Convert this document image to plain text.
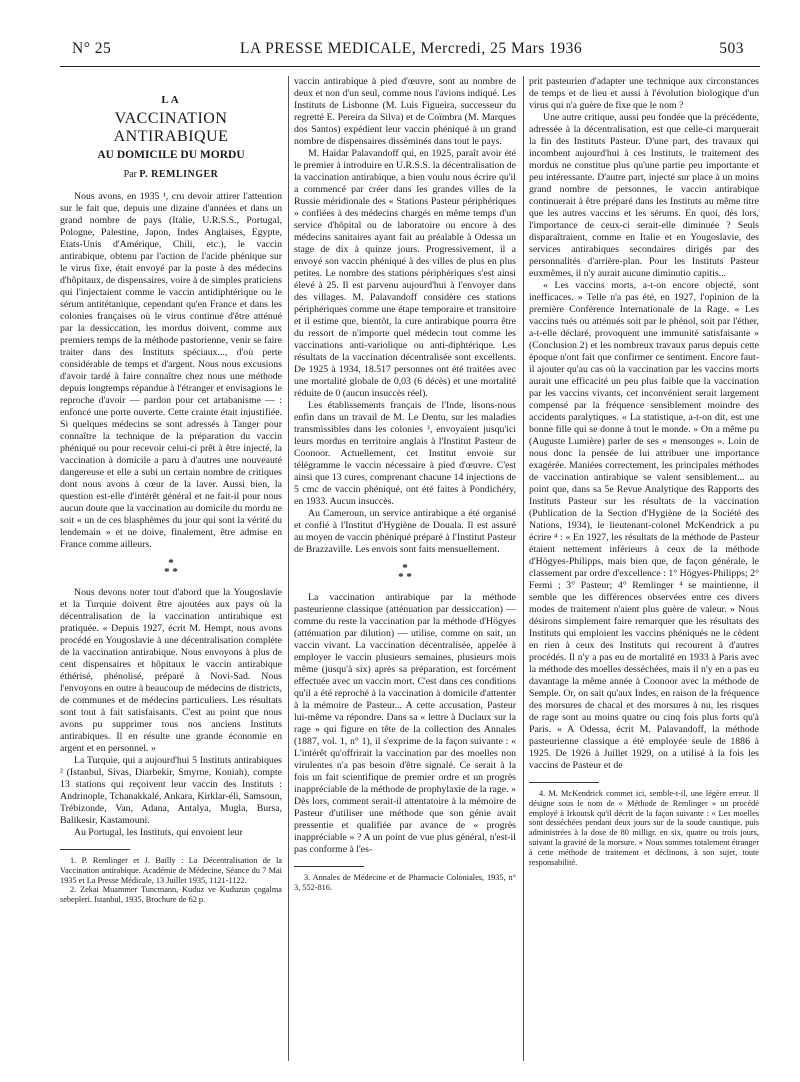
N° 25	LA PRESSE MEDICALE, Mercredi, 25 Mars 1936	503
LA
VACCINATION ANTIRABIQUE
AU DOMICILE DU MORDU
Par P. REMLINGER

Nous avons, en 1935 ¹, cru devoir attirer l'attention sur le fait que, depuis une dizaine d'années et dans un grand nombre de pays (Italie, U.R.S.S., Portugal, Pologne, Palestine, Japon, Indes Anglaises, Egypte, Etats-Unis d'Amérique, Chili, etc.), le vaccin antirabique, obtenu par l'action de l'acide phénique sur le virus fixe, était envoyé par la poste à des médecins d'hôpitaux, de dispensaires, voire à de simples praticiens qui l'injectaient comme le vaccin antidiphtérique ou le sérum antitétanique, cependant qu'en France et dans les colonies françaises où le virus continue d'être atténué par la dessiccation, les mordus doivent, comme aux premiers temps de la méthode pastorienne, venir se faire traiter dans des Instituts spéciaux..., d'où perte considérable de temps et d'argent. Nous nous excusions d'avoir tardé à faire connaître chez nous une méthode depuis longtemps répandue à l'étranger et envisagions le reproche d'avoir — pardon pour cet artabanisme — : enfoncé une porte ouverte. Cette crainte était injustifiée. Si quelques médecins se sont adressés à Tanger pour connaître la technique de la préparation du vaccin phéniqué ou pour recevoir celui-ci prêt à être injecté, la vaccination à domicile a paru à d'autres une nouveauté dangereuse et elle a subi un certain nombre de critiques dont nous avons à cœur de la laver. Aussi bien, la question est-elle d'intérêt général et ne fait-il pour nous aucun doute que la vaccination au domicile du mordu ne soit « un de ces blasphèmes du jour qui sont la vérité du lendemain » et ne doive, finalement, être admise en France comme ailleurs.

*
* *

Nous devons noter tout d'abord que la Yougoslavie et la Turquie doivent être ajoutées aux pays où la décentralisation de la vaccination antirabique est pratiquée. « Depuis 1927, écrit M. Hempt, nous avons procédé en Yougoslavie à une décentralisation complète de la vaccination antirabique. Nous envoyons à plus de cent dispensaires et hôpitaux le vaccin antirabique éthérisé, phénolisé, préparé à Novi-Sad. Nous l'envoyons en outre à beaucoup de médecins de districts, de communes et de médecins particuliers. Les résultats sont tout à fait satisfaisants. C'est au point que nous avons pu supprimer tous nos anciens Instituts antirabiques. Il en résulte une grande économie en argent et en personnel. »

La Turquie, qui a aujourd'hui 5 Instituts antirabiques ² (Istanbul, Sivas, Diarbekir, Smyrne, Koniah), compte 13 stations qui reçoivent leur vaccin des Instituts : Andrinople, Tchanakkalé, Ankara, Kirklar-éli, Samsoun, Trébizonde, Van, Adana, Antalya, Mugla, Bursa, Balikesir, Kastamouni.

Au Portugal, les Instituts, qui envoient leur

1. P. Remlinger et J. Bailly : La Décentralisation de la Vaccination antirabique. Académie de Médecine, Séance du 7 Mai 1935 et La Presse Médicale, 13 Juillet 1935, 1121-1122.

2. Zekai Muammer Tuncmann, Kuduz ve Kuduzun çogalma sebepleri. Istanbul, 1935. Brochure de 62 p.

vaccin antirabique à pied d'œuvre, sont au nombre de deux et non d'un seul, comme nous l'avions indiqué. Les Instituts de Lisbonne (M. Luis Figueira, successeur du regretté E. Pereira da Silva) et de Coïmbra (M. Marques dos Santos) expédient leur vaccin phéniqué à un grand nombre de dispensaires disséminés dans tout le pays.

M. Haïdar Palavandoff qui, en 1925, paraît avoir été le premier à introduire en U.R.S.S. la décentralisation de la vaccination antirabique, a bien voulu nous écrire qu'il a commencé par créer dans les grandes villes de la Russie méridionale des « Stations Pasteur périphériques » confiées à des médecins chargés en même temps d'un service d'hôpital ou de laboratoire ou encore à des médecins sanitaires ayant fait au préalable à Odessa un stage de dix à quinze jours. Progressivement, il a envoyé son vaccin phéniqué à des villes de plus en plus petites. Le nombre des stations périphériques s'est ainsi élevé à 25. Il est parvenu aujourd'hui à l'envoyer dans des villages. M. Palavandoff considère ces stations périphériques comme une étape temporaire et transitoire et il estime que, bientôt, la cure antirabique pourra être du ressort de n'importe quel médecin tout comme les vaccinations anti-variolique ou anti-diphtérique. Les résultats de la vaccination décentralisée sont excellents. De 1925 à 1934, 18.517 personnes ont été traitées avec une mortalité globale de 0,03 (6 décès) et une mortalité réduite de 0 (aucun insuccès réel).

Les établissements français de l'Inde, lisons-nous enfin dans un travail de M. Le Dentu, sur les maladies transmissibles dans les colonies ³, envoyaient jusqu'ici leurs mordus en territoire anglais à l'Institut Pasteur de Coonoor. Actuellement, cet Institut envoie sur télégramme le vaccin nécessaire à pied d'œuvre. C'est ainsi que 13 cures, comprenant chacune 14 injections de 5 cmc de vaccin phéniqué, ont été faites à Pondichéry, en 1933. Aucun insuccès.

Au Cameroun, un service antirabique a été organisé et confié à l'Institut d'Hygiène de Douala. Il est assuré au moyen de vaccin phéniqué préparé à l'Institut Pasteur de Brazzaville. Les envois sont faits mensuellement.

*
* *

La vaccination antirabique par la méthode pasteurienne classique (atténuation par dessiccation) — comme du reste la vaccination par la méthode d'Högyes (atténuation par dilution) — utilise, comme on sait, un vaccin vivant. La vaccination décentralisée, appelée à employer le vaccin plusieurs semaines, plusieurs mois même (jusqu'à six) après sa préparation, est forcément effectuée avec un vaccin mort. C'est dans ces conditions qu'il a été reproché à la vaccination à domicile d'attenter à la mémoire de Pasteur... A cette accusation, Pasteur lui-même va répondre. Dans sa « lettre à Duclaux sur la rage » qui figure en tête de la collection des Annales (1887, vol. 1, n° 1), il s'exprime de la façon suivante : « L'intérêt qu'offrirait la vaccination par des moelles non virulentes n'a pas besoin d'être signalé. Ce serait à la fois un fait scientifique de premier ordre et un progrès inappréciable de la méthode de prophylaxie de la rage. » Dès lors, comment serait-il attentatoire à la mémoire de Pasteur d'utiliser une méthode que son génie avait pressentie et qualifiée par avance de « progrès inappréciable » ? A un point de vue plus général, n'est-il pas conforme à l'es-

3. Annales de Médecine et de Pharmacie Coloniales, 1935, n° 3, 552-816.

prit pasteurien d'adapter une technique aux circonstances de temps et de lieu et aussi à l'évolution biologique d'un virus qui n'a guère de fixe que le nom ?

Une autre critique, aussi peu fondée que la précédente, adressée à la décentralisation, est que celle-ci marquerait la fin des Instituts Pasteur. D'une part, des travaux qui incombent aujourd'hui à ces Instituts, le traitement des mordus ne constitue plus qu'une partie peu importante et peu intéressante. D'autre part, injecté sur place à un moins grand nombre de personnes, le vaccin antirabique continuerait à être préparé dans les Instituts au même titre que les autres vaccins et les sérums. En quoi, dès lors, l'importance de ceux-ci serait-elle diminuée ? Seuls disparaîtraient, comme en Italie et en Yougoslavie, des services antirabiques secondaires dirigés par des personnalités d'arrière-plan. Pour les Instituts Pasteur euxmêmes, il n'y aurait aucune diminutio capitis...

« Les vaccins morts, a-t-on encore objecté, sont inefficaces. » Telle n'a pas été, en 1927, l'opinion de la première Conférence Internationale de la Rage. « Les vaccins tués ou atténués soit par le phénol, soit par l'éther, a-t-elle déclaré, provoquent une immunité satisfaisante » (Conclusion 2) et les nombreux travaux parus depuis cette époque n'ont fait que confirmer ce sentiment. Encore faut-il ajouter qu'au cas où la vaccination par les vaccins morts aurait une efficacité un peu plus faible que la vaccination par les vaccins vivants, cet inconvénient serait largement compensé par la fréquence sensiblement moindre des accidents paralytiques. « La statistique, a-t-on dit, est une bonne fille qui se donne à tout le monde. » On a même pu (Auguste Lumière) parler de ses « mensonges ». Loin de nous donc la pensée de lui attribuer une importance exagérée. Maniées correctement, les principales méthodes de vaccination antirabique se valent sensiblement... au point que, dans sa 5e Revue Analytique des Rapports des Instituts Pasteur sur les résultats de la vaccination (Publication de la Section d'Hygiène de la Société des Nations, 1934), le lieutenant-colonel McKendrick a pu écrire ⁴ : « En 1927, les résultats de la méthode de Pasteur étaient nettement inférieurs à ceux de la méthode d'Högyes-Philipps, mais bien que, de façon générale, le classement par ordre d'excellence : 1° Högyes-Philipps; 2° Fermi ; 3° Pasteur; 4° Remlinger ⁴ se maintienne, il semble que les différences observées entre ces divers modes de traitement n'aient plus guère de valeur. » Nous désirons simplement faire remarquer que les résultats des Instituts qui emploient les vaccins phéniqués ne le cèdent en rien à ceux des Instituts qui recourent à d'autres procédés. Il n'y a pas eu de mortalité en 1933 à Paris avec la méthode des moelles desséchées, mais il n'y en a pas eu davantage la même année à Coonoor avec la méthode de Semple. Or, on sait qu'aux Indes, en raison de la fréquence des morsures de chacal et des morsures à nu, les risques de rage sont au moins quatre ou cinq fois plus forts qu'à Paris. « A Odessa, écrit M. Palavandoff, la méthode pasteurienne classique a été employée seule de 1886 à 1925. De 1926 à Juillet 1929, on a utilisé à la fois les vaccins de Pasteur et de

4. M. McKendrick commet ici, semble-t-il, une légère erreur. Il désigne sous le nom de « Méthode de Remlinger » un procédé employé à Irkoutsk qu'il décrit de la façon suivante : « Les moelles sont desséchées pendant deux jours sur de la soude caustique, puis administrées à la dose de 80 milligr. en six, quatre ou trois jours, suivant la gravité de la morsure. » Nous sommes totalement étranger à cette méthode de traitement et déclinons, à son sujet, toute responsabilité.
